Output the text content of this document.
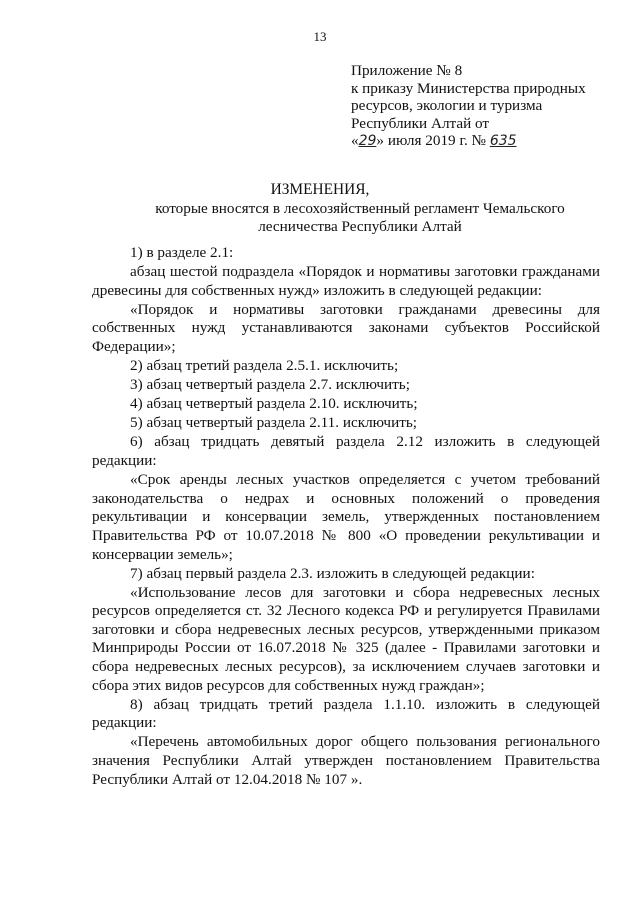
13
Приложение № 8
к приказу Министерства природных
ресурсов, экологии и туризма
Республики Алтай от
«29» июля 2019 г. № 635
ИЗМЕНЕНИЯ,
которые вносятся в лесохозяйственный регламент Чемальского лесничества Республики Алтай

1) в разделе 2.1:

абзац шестой подраздела «Порядок и нормативы заготовки гражданами древесины для собственных нужд» изложить в следующей редакции:

«Порядок и нормативы заготовки гражданами древесины для собственных нужд устанавливаются законами субъектов Российской Федерации»;

2) абзац третий раздела 2.5.1. исключить;

3) абзац четвертый раздела 2.7. исключить;

4) абзац четвертый раздела 2.10. исключить;

5) абзац четвертый раздела 2.11. исключить;

6) абзац тридцать девятый раздела 2.12 изложить в следующей редакции:

«Срок аренды лесных участков определяется с учетом требований законодательства о недрах и основных положений о проведения рекультивации и консервации земель, утвержденных постановлением Правительства РФ от 10.07.2018 № 800 «О проведении рекультивации и консервации земель»;

7) абзац первый раздела 2.3. изложить в следующей редакции:

«Использование лесов для заготовки и сбора недревесных лесных ресурсов определяется ст. 32 Лесного кодекса РФ и регулируется Правилами заготовки и сбора недревесных лесных ресурсов, утвержденными приказом Минприроды России от 16.07.2018 № 325 (далее - Правилами заготовки и сбора недревесных лесных ресурсов), за исключением случаев заготовки и сбора этих видов ресурсов для собственных нужд граждан»;

8) абзац тридцать третий раздела 1.1.10. изложить в следующей редакции:

«Перечень автомобильных дорог общего пользования регионального значения Республики Алтай утвержден постановлением Правительства Республики Алтай от 12.04.2018 № 107 ».
